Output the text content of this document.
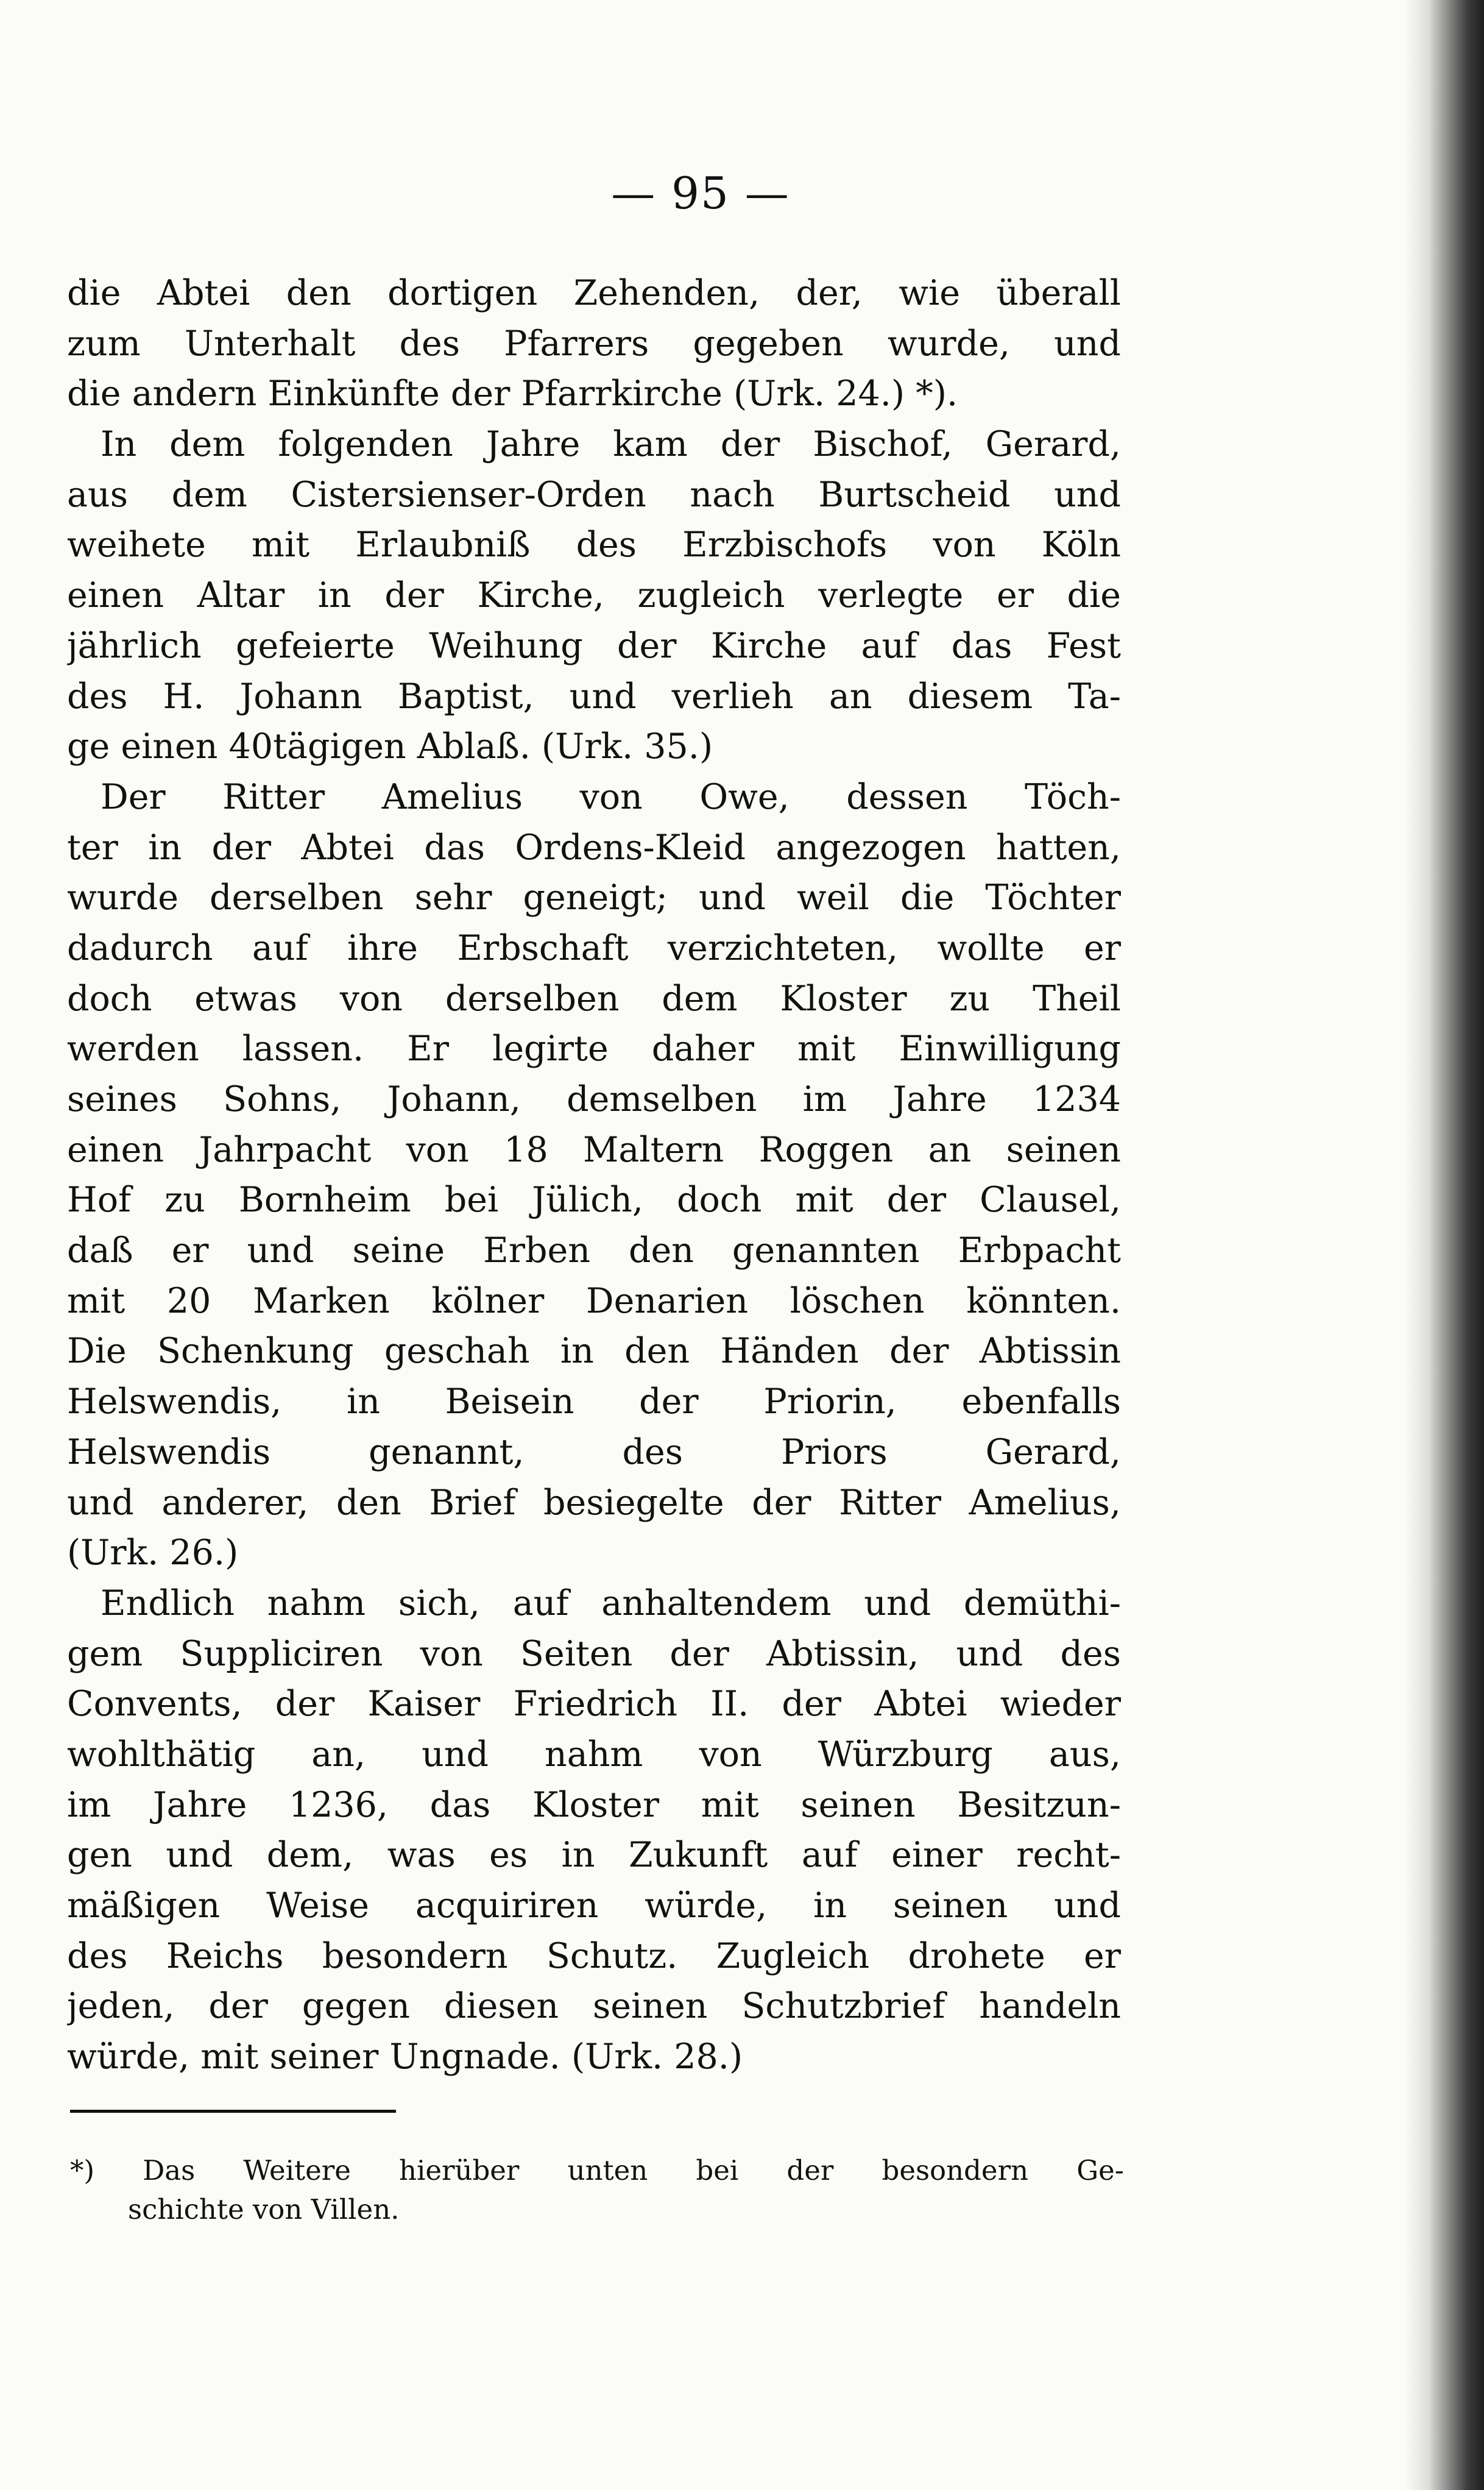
— 95 —
die Abtei den dortigen Zehenden, der, wie überall
zum Unterhalt des Pfarrers gegeben wurde, und
die andern Einkünfte der Pfarrkirche (Urk. 24.) *).
In dem folgenden Jahre kam der Bischof, Gerard,
aus dem Cistersienser-Orden nach Burtscheid und
weihete mit Erlaubniß des Erzbischofs von Köln
einen Altar in der Kirche, zugleich verlegte er die
jährlich gefeierte Weihung der Kirche auf das Fest
des H. Johann Baptist, und verlieh an diesem Ta-
ge einen 40tägigen Ablaß. (Urk. 35.)
Der Ritter Amelius von Owe, dessen Töch-
ter in der Abtei das Ordens-Kleid angezogen hatten,
wurde derselben sehr geneigt; und weil die Töchter
dadurch auf ihre Erbschaft verzichteten, wollte er
doch etwas von derselben dem Kloster zu Theil
werden lassen. Er legirte daher mit Einwilligung
seines Sohns, Johann, demselben im Jahre 1234
einen Jahrpacht von 18 Maltern Roggen an seinen
Hof zu Bornheim bei Jülich, doch mit der Clausel,
daß er und seine Erben den genannten Erbpacht
mit 20 Marken kölner Denarien löschen könnten.
Die Schenkung geschah in den Händen der Abtissin
Helswendis, in Beisein der Priorin, ebenfalls
Helswendis genannt, des Priors Gerard,
und anderer, den Brief besiegelte der Ritter Amelius,
(Urk. 26.)
Endlich nahm sich, auf anhaltendem und demüthi-
gem Suppliciren von Seiten der Abtissin, und des
Convents, der Kaiser Friedrich II. der Abtei wieder
wohlthätig an, und nahm von Würzburg aus,
im Jahre 1236, das Kloster mit seinen Besitzun-
gen und dem, was es in Zukunft auf einer recht-
mäßigen Weise acquiriren würde, in seinen und
des Reichs besondern Schutz. Zugleich drohete er
jeden, der gegen diesen seinen Schutzbrief handeln
würde, mit seiner Ungnade. (Urk. 28.)
*) Das Weitere hierüber unten bei der besondern Ge-
schichte von Villen.
